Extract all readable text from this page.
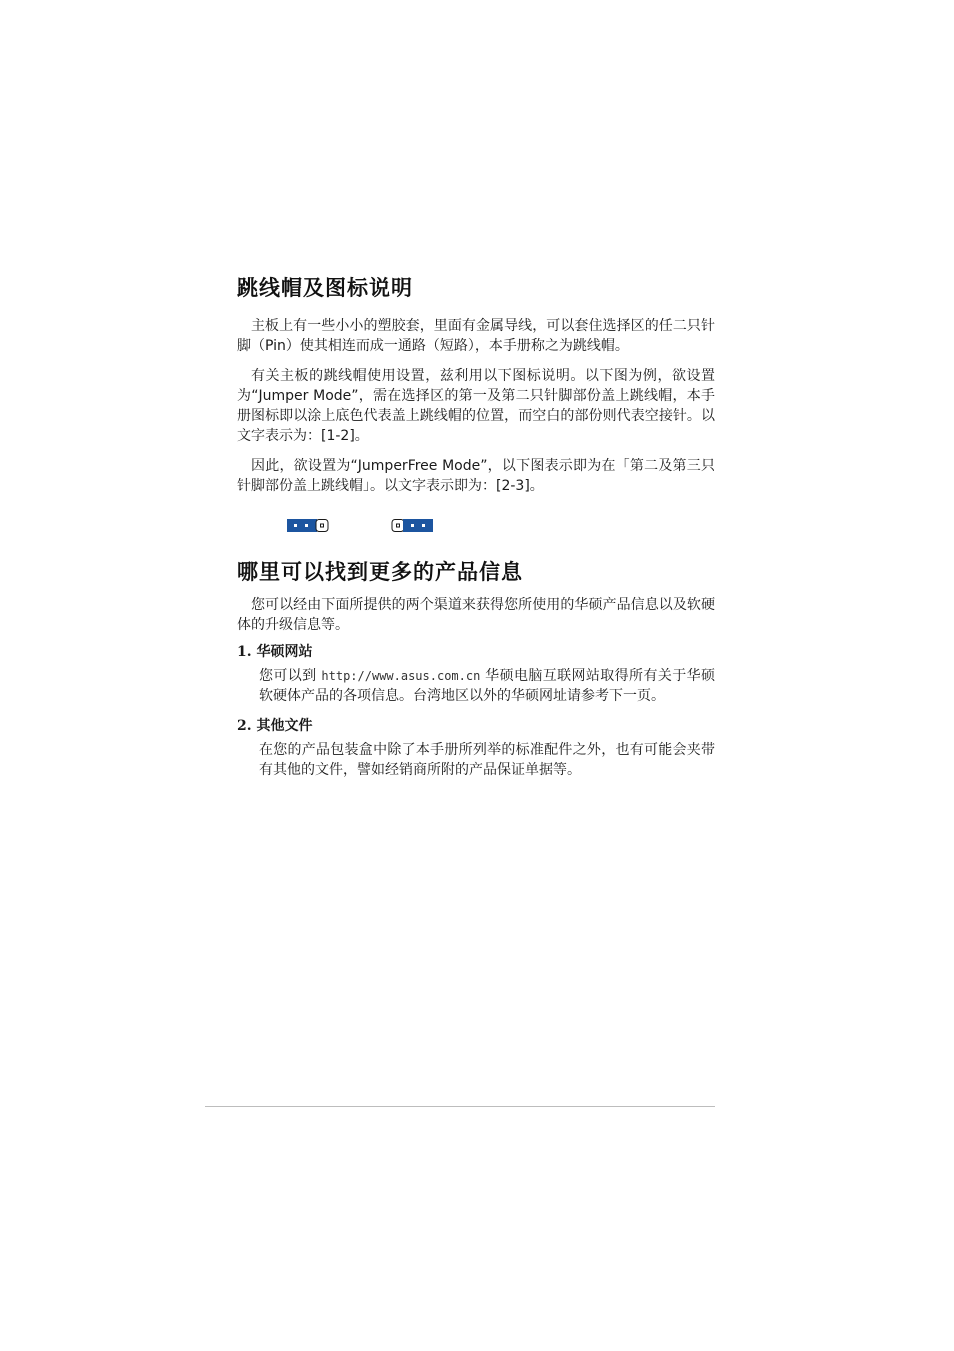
跳线帽及图标说明

主板上有一些小小的塑胶套，里面有金属导线，可以套住选择区的任二只针脚（Pin）使其相连而成一通路（短路），本手册称之为跳线帽。

有关主板的跳线帽使用设置，兹利用以下图标说明。以下图为例，欲设置为“Jumper Mode”，需在选择区的第一及第二只针脚部份盖上跳线帽，本手册图标即以涂上底色代表盖上跳线帽的位置，而空白的部份则代表空接针。以文字表示为：[1-2]。

因此，欲设置为“JumperFree Mode”，以下图表示即为在「第二及第三只针脚部份盖上跳线帽」。以文字表示即为：[2-3]。

哪里可以找到更多的产品信息

您可以经由下面所提供的两个渠道来获得您所使用的华硕产品信息以及软硬体的升级信息等。

1. 华硕网站

您可以到 http://www.asus.com.cn 华硕电脑互联网站取得所有关于华硕软硬体产品的各项信息。台湾地区以外的华硕网址请参考下一页。

2. 其他文件

在您的产品包装盒中除了本手册所列举的标准配件之外，也有可能会夹带有其他的文件，譬如经销商所附的产品保证单据等。
